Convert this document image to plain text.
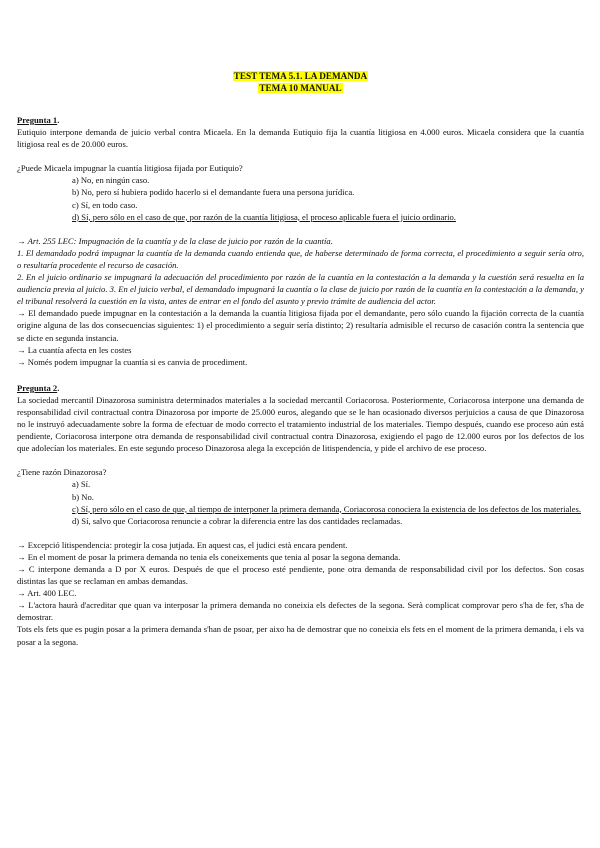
TEST TEMA 5.1. LA DEMANDA
TEMA 10 MANUAL
Pregunta 1.

Eutiquio interpone demanda de juicio verbal contra Micaela. En la demanda Eutiquio fija la cuantía litigiosa en 4.000 euros. Micaela considera que la cuantía litigiosa real es de 20.000 euros.

¿Puede Micaela impugnar la cuantía litigiosa fijada por Eutiquio?

a) No, en ningún caso.

b) No, pero sí hubiera podido hacerlo si el demandante fuera una persona jurídica.

c) Sí, en todo caso.

d) Sí, pero sólo en el caso de que, por razón de la cuantía litigiosa, el proceso aplicable fuera el juicio ordinario.

→ Art. 255 LEC: Impugnación de la cuantía y de la clase de juicio por razón de la cuantía.

1. El demandado podrá impugnar la cuantía de la demanda cuando entienda que, de haberse determinado de forma correcta, el procedimiento a seguir sería otro, o resultaría procedente el recurso de casación.

2. En el juicio ordinario se impugnará la adecuación del procedimiento por razón de la cuantía en la contestación a la demanda y la cuestión será resuelta en la audiencia previa al juicio. 3. En el juicio verbal, el demandado impugnará la cuantía o la clase de juicio por razón de la cuantía en la contestación a la demanda, y el tribunal resolverá la cuestión en la vista, antes de entrar en el fondo del asunto y previo trámite de audiencia del actor.

→ El demandado puede impugnar en la contestación a la demanda la cuantía litigiosa fijada por el demandante, pero sólo cuando la fijación correcta de la cuantía origine alguna de las dos consecuencias siguientes: 1) el procedimiento a seguir sería distinto; 2) resultaría admisible el recurso de casación contra la sentencia que se dicte en segunda instancia.

→ La cuantía afecta en les costes

→ Només podem impugnar la cuantía si es canvia de procediment.

Pregunta 2.

La sociedad mercantil Dinazorosa suministra determinados materiales a la sociedad mercantil Coriacorosa. Posteriormente, Coriacorosa interpone una demanda de responsabilidad civil contractual contra Dinazorosa por importe de 25.000 euros, alegando que se le han ocasionado diversos perjuicios a causa de que Dinazorosa no le instruyó adecuadamente sobre la forma de efectuar de modo correcto el tratamiento industrial de los materiales. Tiempo después, cuando ese proceso aún está pendiente, Coriacorosa interpone otra demanda de responsabilidad civil contractual contra Dinazorosa, exigiendo el pago de 12.000 euros por los defectos de los que adolecían los materiales. En este segundo proceso Dinazorosa alega la excepción de litispendencia, y pide el archivo de ese proceso.

¿Tiene razón Dinazorosa?

a) Sí.

b) No.

c) Sí, pero sólo en el caso de que, al tiempo de interponer la primera demanda, Coriacorosa conociera la existencia de los defectos de los materiales.

d) Sí, salvo que Coriacorosa renuncie a cobrar la diferencia entre las dos cantidades reclamadas.

→ Excepció litispendencia: protegir la cosa jutjada. En aquest cas, el judici està encara pendent.

→ En el moment de posar la primera demanda no tenia els coneixements que tenia al posar la segona demanda.

→ C interpone demanda a D por X euros. Después de que el proceso esté pendiente, pone otra demanda de responsabilidad civil por los defectos. Son cosas distintas las que se reclaman en ambas demandas.

→ Art. 400 LEC.

→ L'actora haurà d'acreditar que quan va interposar la primera demanda no coneixia els defectes de la segona. Serà complicat comprovar pero s'ha de fer, s'ha de demostrar.

Tots els fets que es pugin posar a la primera demanda s'han de psoar, per aixo ha de demostrar que no coneixia els fets en el moment de la primera demanda, i els va posar a la segona.
